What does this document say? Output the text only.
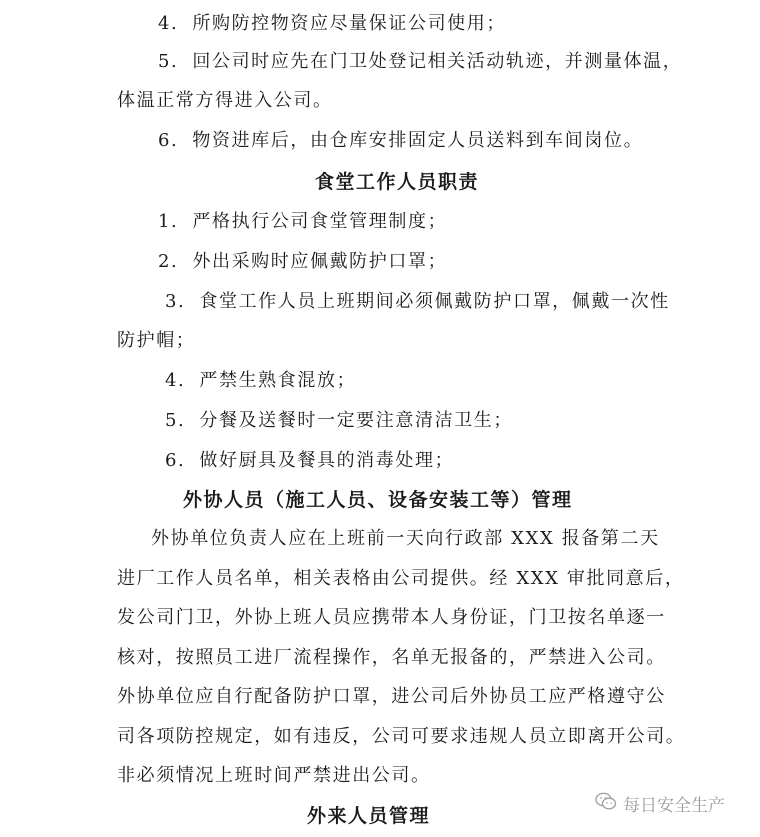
4. 所购防控物资应尽量保证公司使用；
5. 回公司时应先在门卫处登记相关活动轨迹，并测量体温，
体温正常方得进入公司。
6. 物资进库后，由仓库安排固定人员送料到车间岗位。
食堂工作人员职责
1. 严格执行公司食堂管理制度；
2. 外出采购时应佩戴防护口罩；
3. 食堂工作人员上班期间必须佩戴防护口罩，佩戴一次性
防护帽；
4. 严禁生熟食混放；
5. 分餐及送餐时一定要注意清洁卫生；
6. 做好厨具及餐具的消毒处理；
外协人员（施工人员、设备安装工等）管理
外协单位负责人应在上班前一天向行政部 XXX 报备第二天
进厂工作人员名单，相关表格由公司提供。经 XXX 审批同意后，
发公司门卫，外协上班人员应携带本人身份证，门卫按名单逐一
核对，按照员工进厂流程操作，名单无报备的，严禁进入公司。
外协单位应自行配备防护口罩，进公司后外协员工应严格遵守公
司各项防控规定，如有违反，公司可要求违规人员立即离开公司。
非必须情况上班时间严禁进出公司。
外来人员管理	每日安全生产
